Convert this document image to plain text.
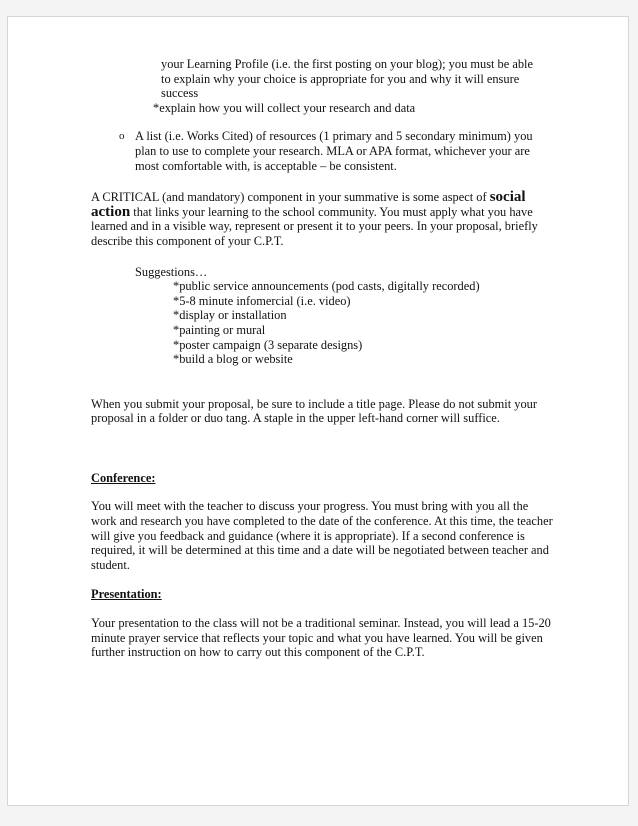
your Learning Profile (i.e. the first posting on your blog); you must be able
to explain why your choice is appropriate for you and why it will ensure
success
*explain how you will collect your research and data
o A list (i.e. Works Cited) of resources (1 primary and 5 secondary minimum) you plan to use to complete your research. MLA or APA format, whichever your are most comfortable with, is acceptable – be consistent.

A CRITICAL (and mandatory) component in your summative is some aspect of social action that links your learning to the school community. You must apply what you have learned and in a visible way, represent or present it to your peers. In your proposal, briefly describe this component of your C.P.T.

Suggestions…
*public service announcements (pod casts, digitally recorded)
*5-8 minute infomercial (i.e. video)
*display or installation
*painting or mural
*poster campaign (3 separate designs)
*build a blog or website

When you submit your proposal, be sure to include a title page. Please do not submit your proposal in a folder or duo tang. A staple in the upper left-hand corner will suffice.

Conference:

You will meet with the teacher to discuss your progress. You must bring with you all the work and research you have completed to the date of the conference. At this time, the teacher will give you feedback and guidance (where it is appropriate). If a second conference is required, it will be determined at this time and a date will be negotiated between teacher and student.

Presentation:

Your presentation to the class will not be a traditional seminar. Instead, you will lead a 15-20 minute prayer service that reflects your topic and what you have learned. You will be given further instruction on how to carry out this component of the C.P.T.
